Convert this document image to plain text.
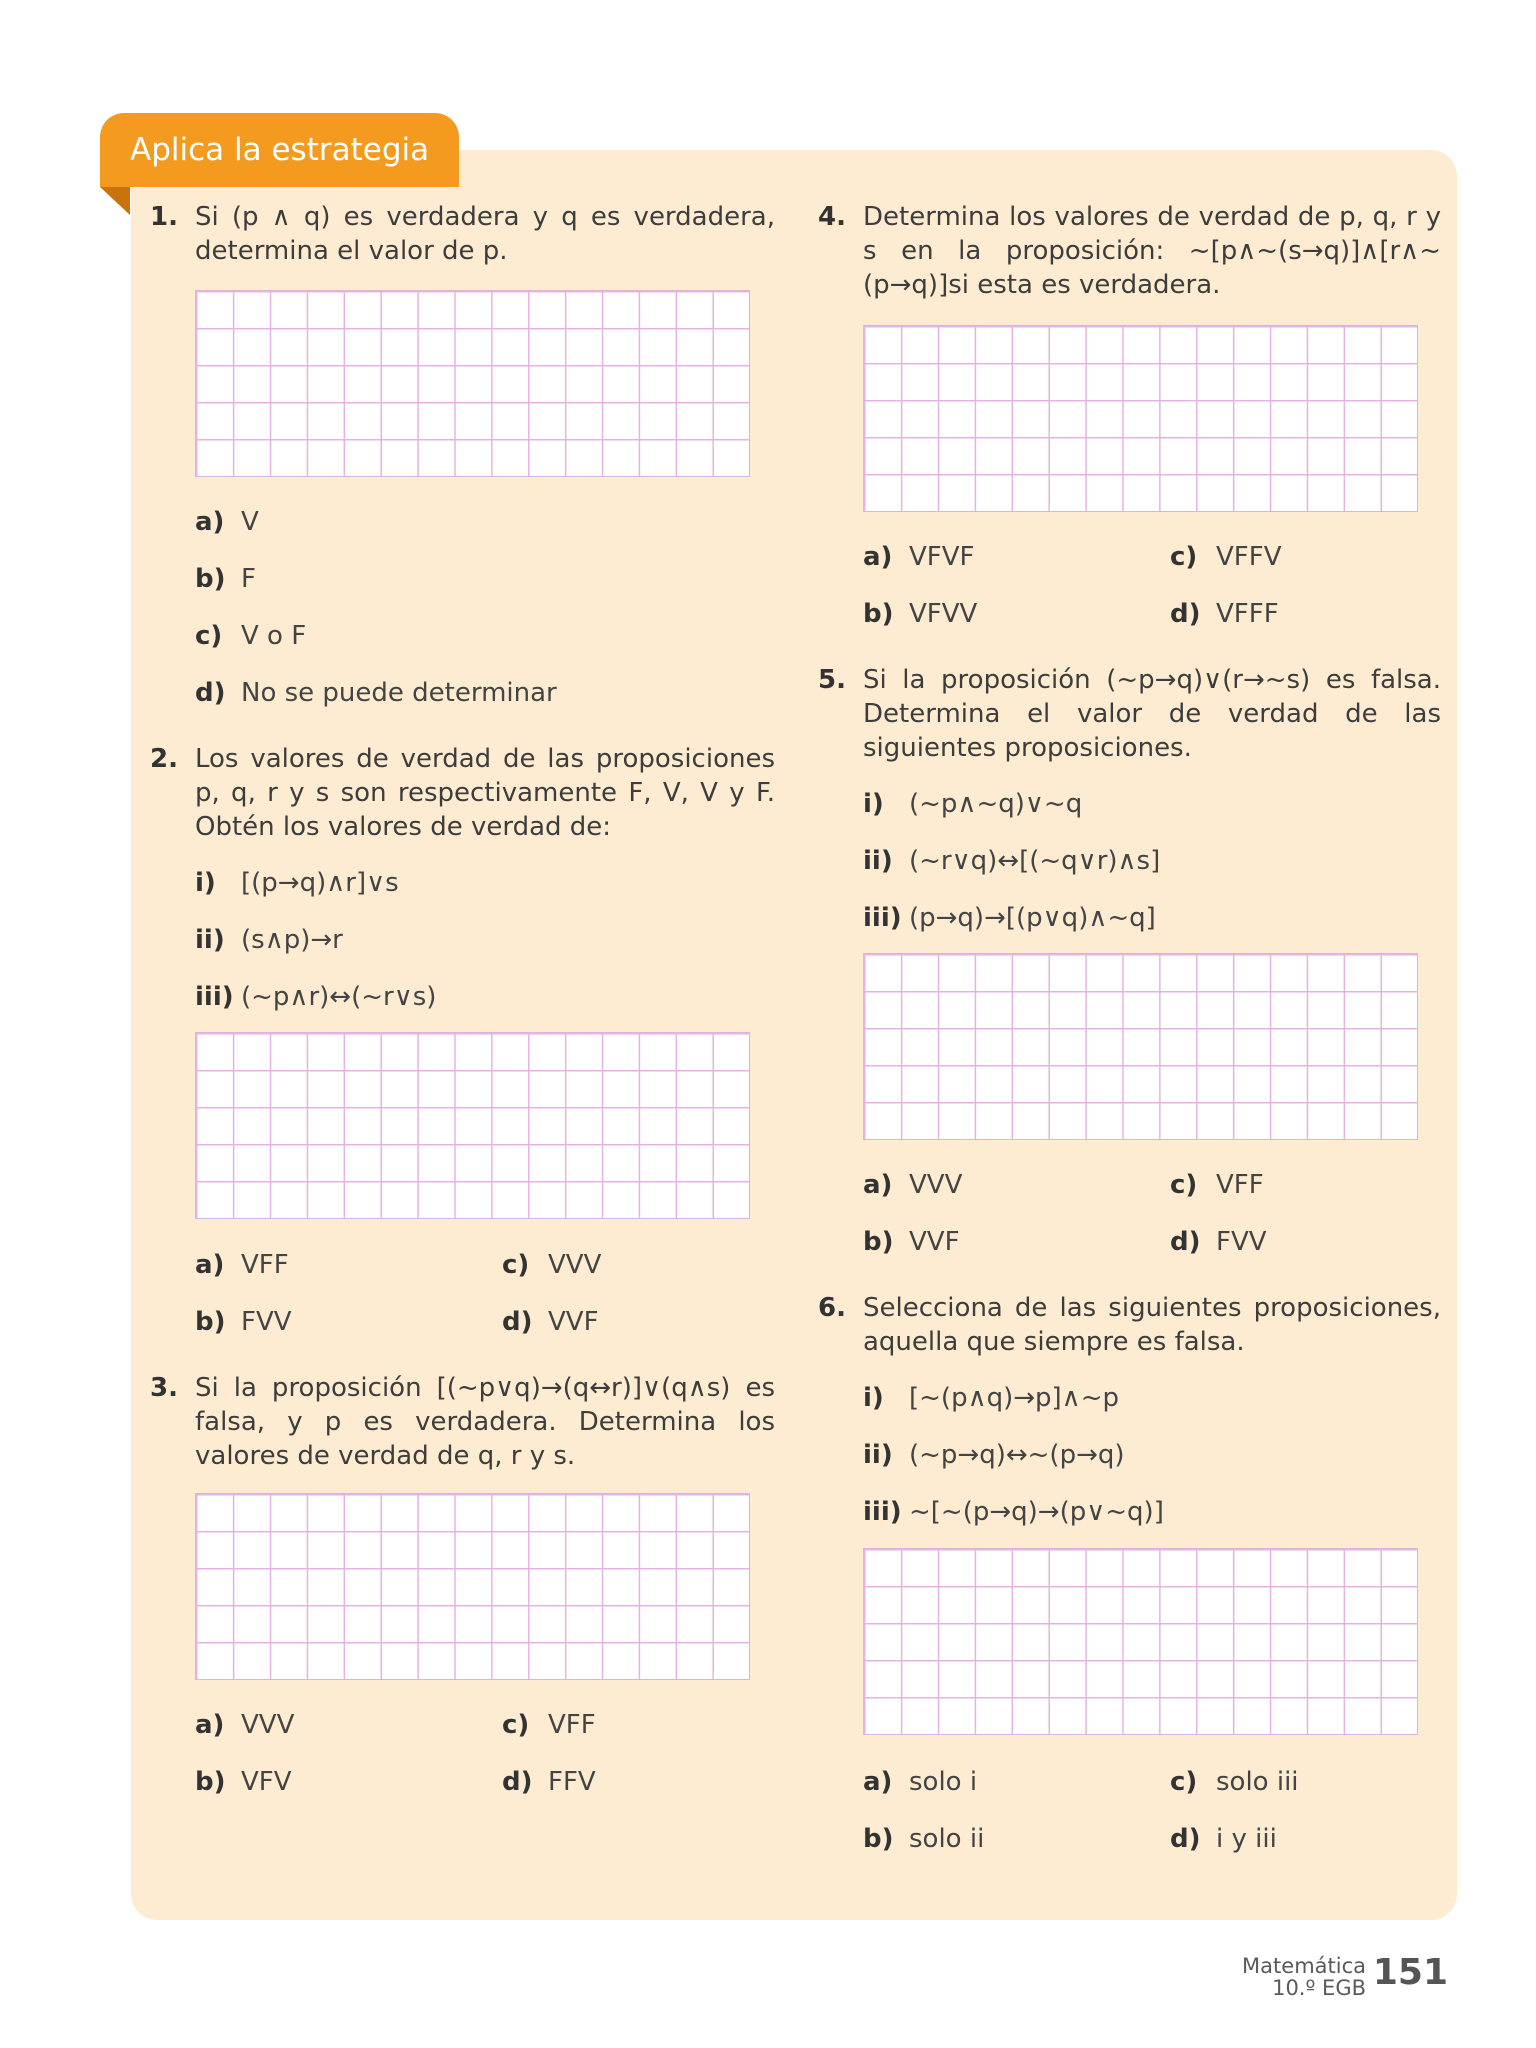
Aplica la estrategia
1. Si (p ∧ q) es verdadera y q es verdadera, determina el valor de p.
a) V
b) F
c) V o F
d) No se puede determinar
2. Los valores de verdad de las proposiciones p, q, r y s son respectivamente F, V, V y F. Obtén los valores de verdad de:
i) [(p→q)∧r]∨s
ii) (s∧p)→r
iii) (~p∧r)↔(~r∨s)
a) VFF
b) FVV
c) VVV
d) VVF
3. Si la proposición [(~p∨q)→(q↔r)]∨(q∧s) es falsa, y p es verdadera. Determina los valores de verdad de q, r y s.
a) VVV
b) VFV
c) VFF
d) FFV
4. Determina los valores de verdad de p, q, r y s en la proposición: ~[p∧~(s→q)]∧[r∧~(p→q)]si esta es verdadera.
a) VFVF
b) VFVV
c) VFFV
d) VFFF
5. Si la proposición (~p→q)∨(r→~s) es falsa. Determina el valor de verdad de las siguientes proposiciones.
i) (~p∧~q)∨~q
ii) (~r∨q)↔[(~q∨r)∧s]
iii) (p→q)→[(p∨q)∧~q]
a) VVV
b) VVF
c) VFF
d) FVV
6. Selecciona de las siguientes proposiciones, aquella que siempre es falsa.
i) [~(p∧q)→p]∧~p
ii) (~p→q)↔~(p→q)
iii) ~[~(p→q)→(p∨~q)]
a) solo i
b) solo ii
c) solo iii
d) i y iii
Matemática
10.º EGB 151
